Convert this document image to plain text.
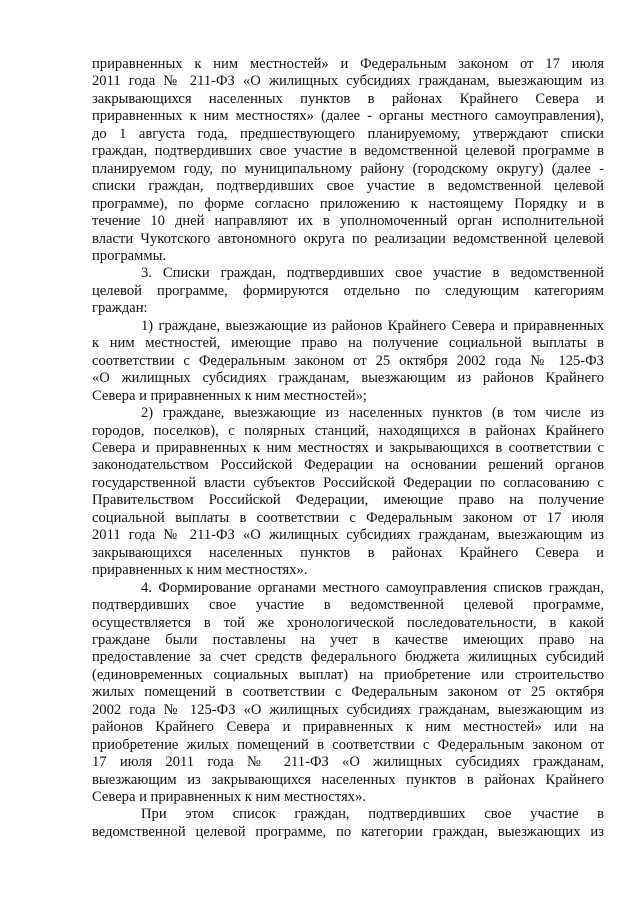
приравненных к ним местностей» и Федеральным законом от 17 июля

2011 года № 211-ФЗ «О жилищных субсидиях гражданам, выезжающим из

закрывающихся населенных пунктов в районах Крайнего Севера и

приравненных к ним местностях» (далее - органы местного самоуправления),

до 1 августа года, предшествующего планируемому, утверждают списки

граждан, подтвердивших свое участие в ведомственной целевой программе в

планируемом году, по муниципальному району (городскому округу) (далее -

списки граждан, подтвердивших свое участие в ведомственной целевой

программе), по форме согласно приложению к настоящему Порядку и в

течение 10 дней направляют их в уполномоченный орган исполнительной

власти Чукотского автономного округа по реализации ведомственной целевой

программы.

3. Списки граждан, подтвердивших свое участие в ведомственной

целевой программе, формируются отдельно по следующим категориям

граждан:

1) граждане, выезжающие из районов Крайнего Севера и приравненных

к ним местностей, имеющие право на получение социальной выплаты в

соответствии с Федеральным законом от 25 октября 2002 года № 125-ФЗ

«О жилищных субсидиях гражданам, выезжающим из районов Крайнего

Севера и приравненных к ним местностей»;

2) граждане, выезжающие из населенных пунктов (в том числе из

городов, поселков), с полярных станций, находящихся в районах Крайнего

Севера и приравненных к ним местностях и закрывающихся в соответствии с

законодательством Российской Федерации на основании решений органов

государственной власти субъектов Российской Федерации по согласованию с

Правительством Российской Федерации, имеющие право на получение

социальной выплаты в соответствии с Федеральным законом от 17 июля

2011 года № 211-ФЗ «О жилищных субсидиях гражданам, выезжающим из

закрывающихся населенных пунктов в районах Крайнего Севера и

приравненных к ним местностях».

4. Формирование органами местного самоуправления списков граждан,

подтвердивших свое участие в ведомственной целевой программе,

осуществляется в той же хронологической последовательности, в какой

граждане были поставлены на учет в качестве имеющих право на

предоставление за счет средств федерального бюджета жилищных субсидий

(единовременных социальных выплат) на приобретение или строительство

жилых помещений в соответствии с Федеральным законом от 25 октября

2002 года № 125-ФЗ «О жилищных субсидиях гражданам, выезжающим из

районов Крайнего Севера и приравненных к ним местностей» или на

приобретение жилых помещений в соответствии с Федеральным законом от

17 июля 2011 года № 211-ФЗ «О жилищных субсидиях гражданам,

выезжающим из закрывающихся населенных пунктов в районах Крайнего

Севера и приравненных к ним местностях».

При этом список граждан, подтвердивших свое участие в

ведомственной целевой программе, по категории граждан, выезжающих из
